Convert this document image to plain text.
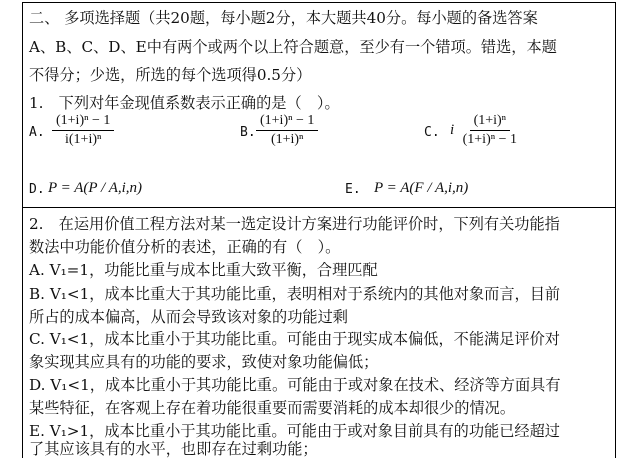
二、 多项选择题（共20题，每小题2分，本大题共40分。每小题的备选答案
A、B、C、D、E中有两个或两个以上符合题意，至少有一个错项。错选，本题
不得分；少选，所选的每个选项得0.5分）
1.　下列对年金现值系数表示正确的是（　）。
A. $\frac{\text{(1+i)ⁿ − 1}}{\text{i(1+i)ⁿ}}$	B. $\frac{\text{(1+i)ⁿ − 1}}{\text{(1+i)ⁿ}}$	C. i $\frac{\text{(1+i)ⁿ}}{\text{(1+i)ⁿ − 1}}$
D. P = A(P / A,i,n)	E. P = A(F / A,i,n)
2.　在运用价值工程方法对某一选定设计方案进行功能评价时，下列有关功能指
数法中功能价值分析的表述，正确的有（　）。
A. V₁=1，功能比重与成本比重大致平衡，合理匹配
B. V₁<1，成本比重大于其功能比重，表明相对于系统内的其他对象而言，目前
所占的成本偏高，从而会导致该对象的功能过剩
C. V₁<1，成本比重小于其功能比重。可能由于现实成本偏低，不能满足评价对
象实现其应具有的功能的要求，致使对象功能偏低；
D. V₁<1，成本比重小于其功能比重。可能由于或对象在技术、经济等方面具有
某些特征，在客观上存在着功能很重要而需要消耗的成本却很少的情况。
E. V₁>1，成本比重小于其功能比重。可能由于或对象目前具有的功能已经超过
了其应该具有的水平，也即存在过剩功能；
